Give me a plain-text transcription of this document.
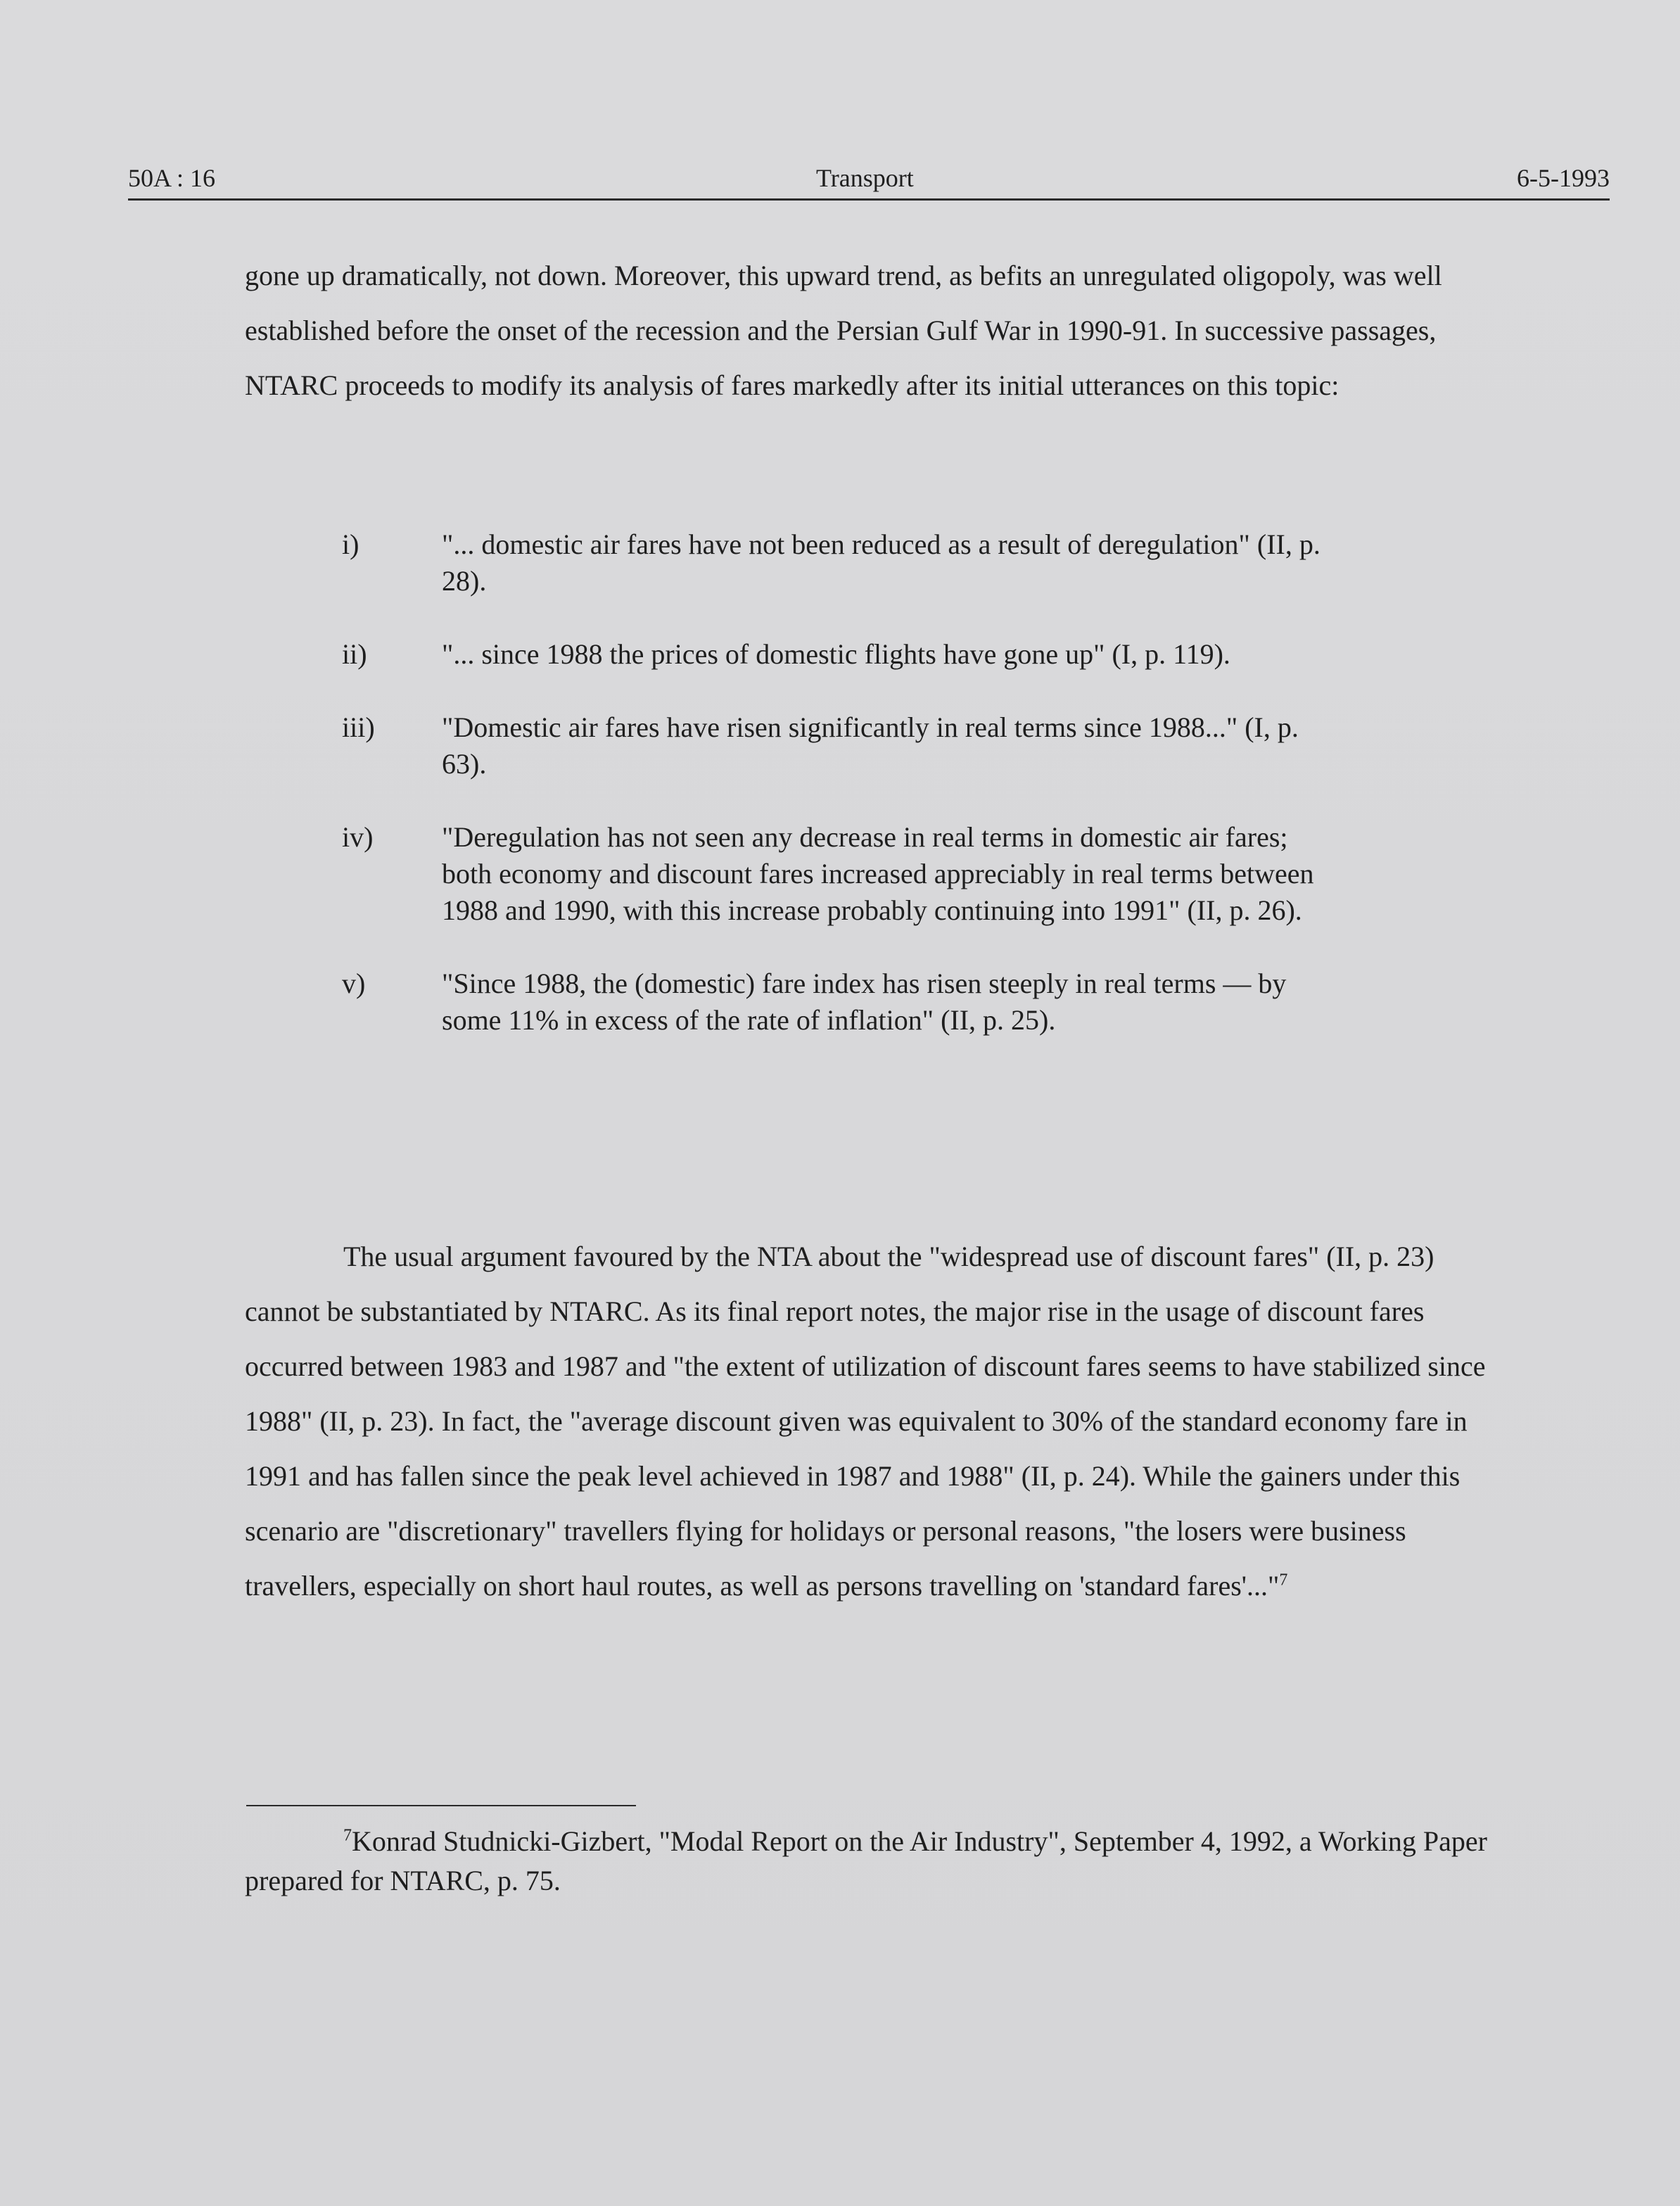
50A : 16	Transport	6-5-1993
gone up dramatically, not down. Moreover, this upward trend, as befits an unregulated oligopoly, was well established before the onset of the recession and the Persian Gulf War in 1990-91. In successive passages, NTARC proceeds to modify its analysis of fares markedly after its initial utterances on this topic:
i)	"... domestic air fares have not been reduced as a result of deregulation" (II, p. 28).
ii)	"... since 1988 the prices of domestic flights have gone up" (I, p. 119).
iii) "Domestic air fares have risen significantly in real terms since 1988..." (I, p. 63).
iv) "Deregulation has not seen any decrease in real terms in domestic air fares; both economy and discount fares increased appreciably in real terms between 1988 and 1990, with this increase probably continuing into 1991" (II, p. 26).
v)	"Since 1988, the (domestic) fare index has risen steeply in real terms — by some 11% in excess of the rate of inflation" (II, p. 25).
The usual argument favoured by the NTA about the "widespread use of discount fares" (II, p. 23) cannot be substantiated by NTARC. As its final report notes, the major rise in the usage of discount fares occurred between 1983 and 1987 and "the extent of utilization of discount fares seems to have stabilized since 1988" (II, p. 23). In fact, the "average discount given was equivalent to 30% of the standard economy fare in 1991 and has fallen since the peak level achieved in 1987 and 1988" (II, p. 24). While the gainers under this scenario are "discretionary" travellers flying for holidays or personal reasons, "the losers were business travellers, especially on short haul routes, as well as persons travelling on 'standard fares'..."$^7$
$^7$Konrad Studnicki-Gizbert, "Modal Report on the Air Industry", September 4, 1992, a Working Paper prepared for NTARC, p. 75.
